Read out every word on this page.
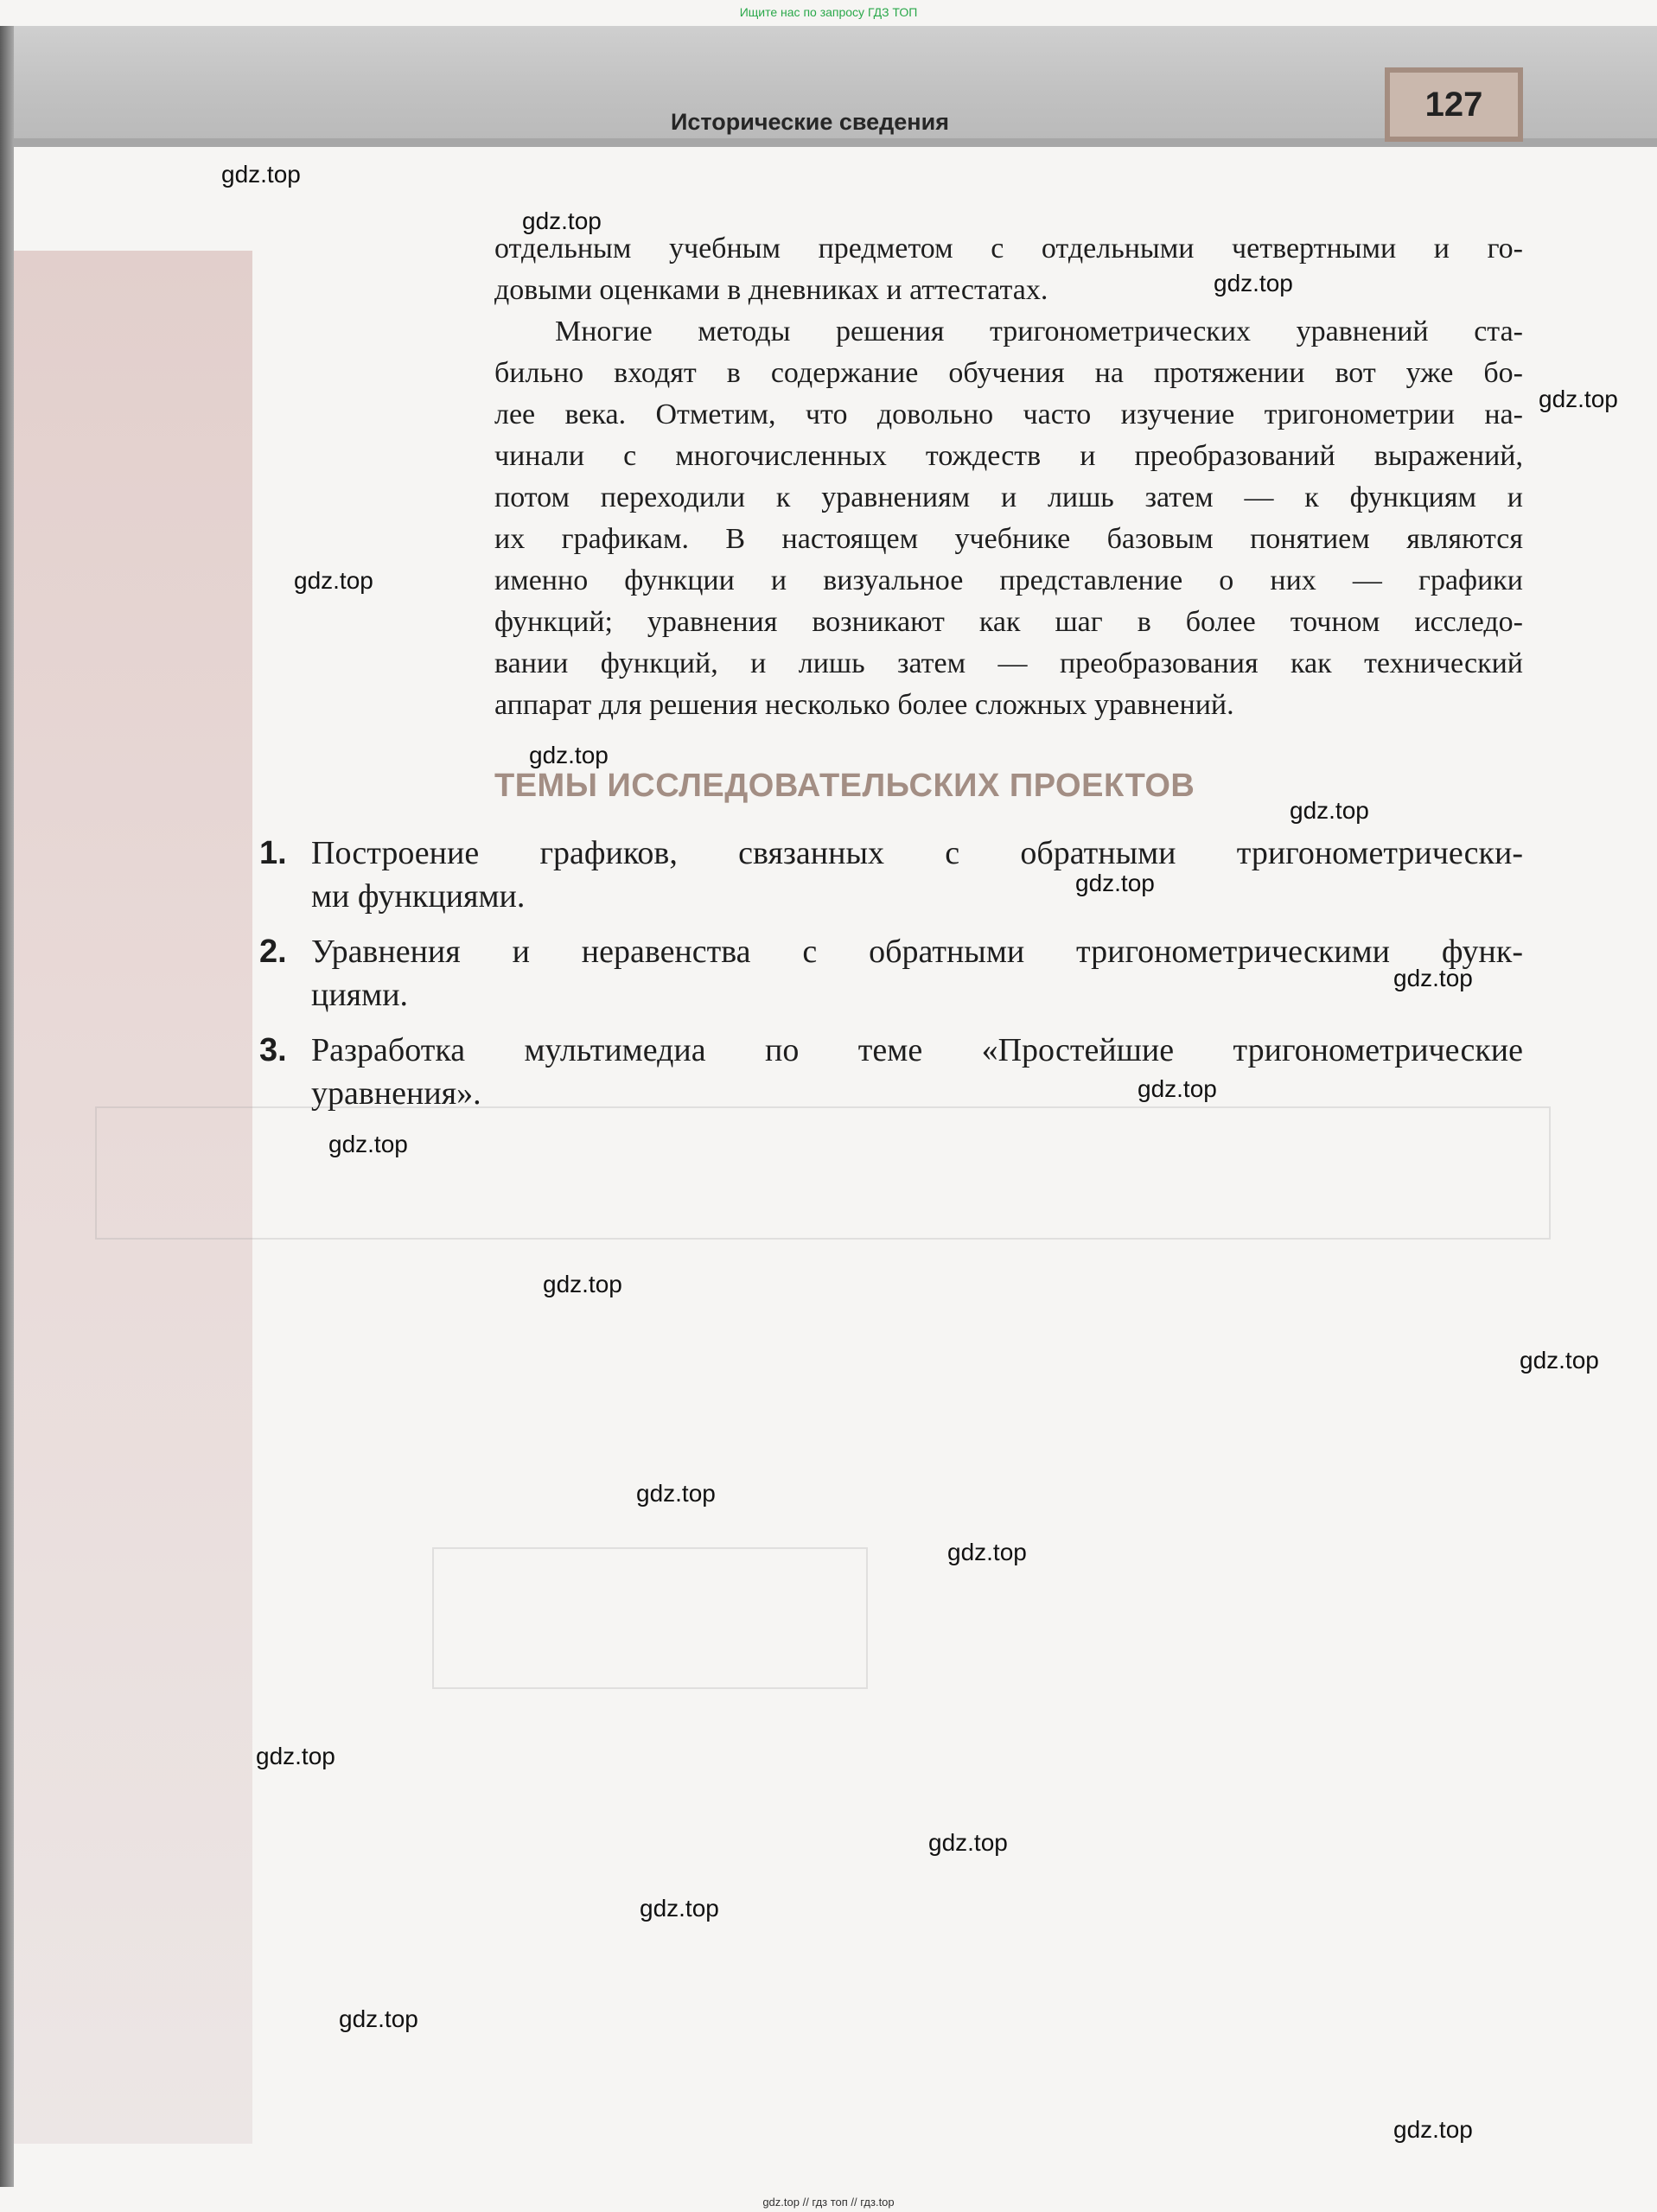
Ищите нас по запросу ГДЗ ТОП
Исторические сведения	127
отдельным учебным предметом с отдельными четвертными и го-
довыми оценками в дневниках и аттестатах.
Многие методы решения тригонометрических уравнений ста-
бильно входят в содержание обучения на протяжении вот уже бо-
лее века. Отметим, что довольно часто изучение тригонометрии на-
чинали с многочисленных тождеств и преобразований выражений,
потом переходили к уравнениям и лишь затем — к функциям и
их графикам. В настоящем учебнике базовым понятием являются
именно функции и визуальное представление о них — графики
функций; уравнения возникают как шаг в более точном исследо-
вании функций, и лишь затем — преобразования как технический
аппарат для решения несколько более сложных уравнений.
ТЕМЫ ИССЛЕДОВАТЕЛЬСКИХ ПРОЕКТОВ
1. Построение графиков, связанных с обратными тригонометрически-
ми функциями.
2. Уравнения и неравенства с обратными тригонометрическими функ-
циями.
3. Разработка мультимедиа по теме «Простейшие тригонометрические
уравнения».
gdz.top
gdz.top
gdz.top
gdz.top
gdz.top
gdz.top
gdz.top
gdz.top
gdz.top
gdz.top
gdz.top
gdz.top
gdz.top
gdz.top
gdz.top
gdz.top
gdz.top
gdz.top
gdz.top
gdz.top
gdz.top // гдз топ // гдз.top
